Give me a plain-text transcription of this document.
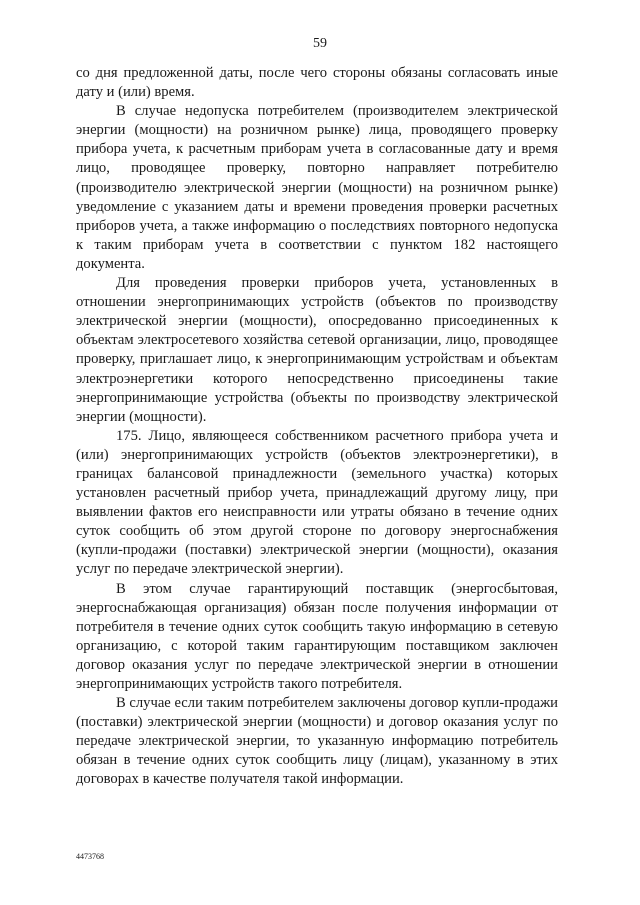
59

со дня предложенной даты, после чего стороны обязаны согласовать иные дату и (или) время.

В случае недопуска потребителем (производителем электрической энергии (мощности) на розничном рынке) лица, проводящего проверку прибора учета, к расчетным приборам учета в согласованные дату и время лицо, проводящее проверку, повторно направляет потребителю (производителю электрической энергии (мощности) на розничном рынке) уведомление с указанием даты и времени проведения проверки расчетных приборов учета, а также информацию о последствиях повторного недопуска к таким приборам учета в соответствии с пунктом 182 настоящего документа.

Для проведения проверки приборов учета, установленных в отношении энергопринимающих устройств (объектов по производству электрической энергии (мощности), опосредованно присоединенных к объектам электросетевого хозяйства сетевой организации, лицо, проводящее проверку, приглашает лицо, к энергопринимающим устройствам и объектам электроэнергетики которого непосредственно присоединены такие энергопринимающие устройства (объекты по производству электрической энергии (мощности).

175. Лицо, являющееся собственником расчетного прибора учета и (или) энергопринимающих устройств (объектов электроэнергетики), в границах балансовой принадлежности (земельного участка) которых установлен расчетный прибор учета, принадлежащий другому лицу, при выявлении фактов его неисправности или утраты обязано в течение одних суток сообщить об этом другой стороне по договору энергоснабжения (купли-продажи (поставки) электрической энергии (мощности), оказания услуг по передаче электрической энергии).

В этом случае гарантирующий поставщик (энергосбытовая, энергоснабжающая организация) обязан после получения информации от потребителя в течение одних суток сообщить такую информацию в сетевую организацию, с которой таким гарантирующим поставщиком заключен договор оказания услуг по передаче электрической энергии в отношении энергопринимающих устройств такого потребителя.

В случае если таким потребителем заключены договор купли-продажи (поставки) электрической энергии (мощности) и договор оказания услуг по передаче электрической энергии, то указанную информацию потребитель обязан в течение одних суток сообщить лицу (лицам), указанному в этих договорах в качестве получателя такой информации.

4473768
